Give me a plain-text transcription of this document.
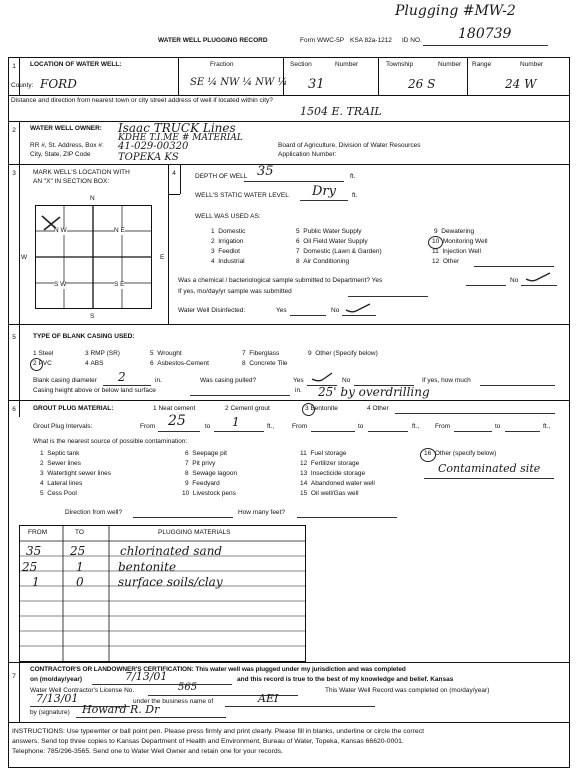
Plugging #MW-2
WATER WELL PLUGGING RECORD	Form WWC-5P KSA 82a-1212 ID NO.	180739
1	LOCATION OF WATER WELL:
County: FORD
Fraction
SE ¼ NW ¼ NW ¼
Section	Number
31
Township	Number
26 S
Range	Number
24 W
Distance and direction from nearest town or city street address of well if located within city?
1504 E. TRAIL
2	WATER WELL OWNER: Isaac TRUCK Lines
KDHE T.I.ME # MATERIAL
RR #, St. Address, Box #: 41-029-00320
City, State, ZIP Code	TOPEKA KS
Board of Agriculture, Division of Water Resources
Application Number:
3	4
MARK WELL'S LOCATION WITH
AN "X" IN SECTION BOX:
N
S
W	E
N W	N E
S W	S E
DEPTH OF WELL 35	ft.
WELL'S STATIC WATER LEVEL Dry ft.
WELL WAS USED AS:
1 Domestic
2 Irrigation
3 Feedlot
4 Industrial
5 Public Water Supply
6 Oil Field Water Supply
7 Domestic (Lawn & Garden)
8 Air Conditioning
9 Dewatering
10 Monitoring Well
11 Injection Well
12 Other
Was a chemical / bacteriological sample submitted to Department? Yes	No
If yes, mo/day/yr sample was submitted
Water Well Disinfected:	Yes	No
5	TYPE OF BLANK CASING USED:
1 Steel	3 RMP (SR)	5 Wrought	7 Fiberglass	9 Other (Specify below)
2 PVC	4 ABS	6 Asbestos-Cement	8 Concrete Tile
Blank casing diameter 2	in.	Was casing pulled?	Yes	No	If yes, how much
Casing height above or below land surface	in. 25' by overdrilling
6	GROUT PLUG MATERIAL:	1 Neat cement	2 Cement grout	3 Bentonite	4 Other
Grout Plug Intervals:	From 25	to 1	ft.,	From	to	ft., From	to	ft.,
What is the nearest source of possible contamination:
1 Septic tank
2 Sewer lines
3 Watertight sewer lines
4 Lateral lines
5 Cess Pool
6 Seepage pit
7 Pit privy
8 Sewage lagoon
9 Feedyard
10 Livestock pens
11 Fuel storage
12 Fertilizer storage
13 Insecticide storage
14 Abandoned water well
15 Oil well/Gas well
16 Other (specify below)
Contaminated site
Direction from well?	How many feet?
FROM	TO	PLUGGING MATERIALS
35 25	chlorinated sand
25	1	bentonite
1	0	surface soils/clay
7
CONTRACTOR'S OR LANDOWNER'S CERTIFICATION: This water well was plugged under my jurisdiction and was completed
on (mo/day/year)	7/13/01	and this record is true to the best of my knowledge and belief. Kansas
Water Well Contractor's License No.	565	This Water Well Record was completed on (mo/day/year)
7/13/01	under the business name of	AEI
by (signature) Howard R. Dr
INSTRUCTIONS: Use typewriter or ball point pen. Please press firmly and print clearly. Please fill in blanks, underline or circle the correct
answers. Send top three copies to Kansas Department of Health and Environment, Bureau of Water, Topeka, Kansas 66620-0001.
Telephone: 785/296-3565. Send one to Water Well Owner and retain one for your records.
